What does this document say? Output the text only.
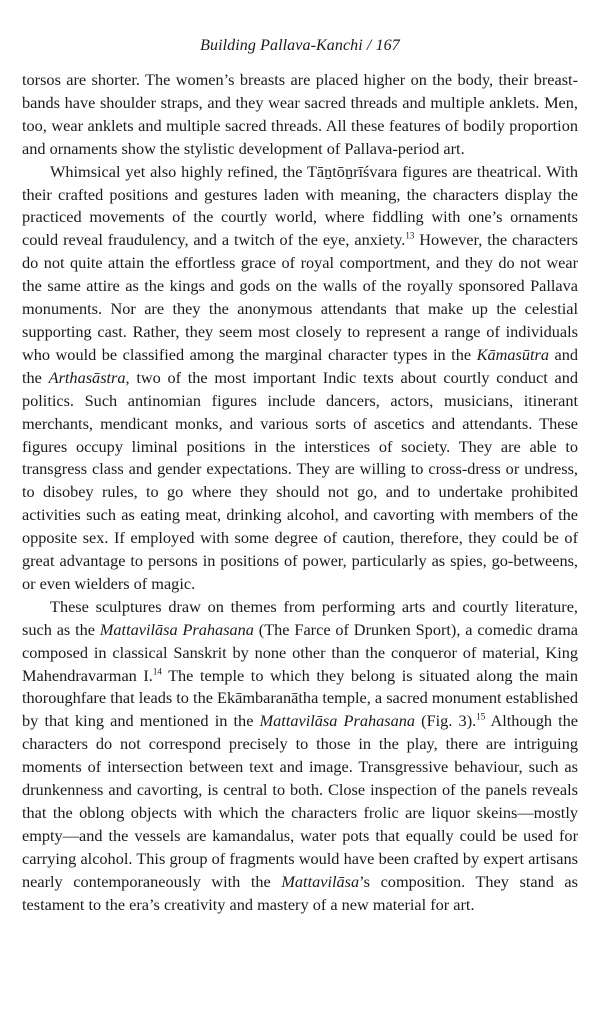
Building Pallava-Kanchi / 167

torsos are shorter. The women’s breasts are placed higher on the body, their breast-bands have shoulder straps, and they wear sacred threads and multiple anklets. Men, too, wear anklets and multiple sacred threads. All these features of bodily proportion and ornaments show the stylistic development of Pallava-period art.

Whimsical yet also highly refined, the Tāṉtōṉrīśvara figures are theatrical. With their crafted positions and gestures laden with meaning, the characters display the practiced movements of the courtly world, where fiddling with one’s ornaments could reveal fraudulency, and a twitch of the eye, anxiety.$^{13}$ However, the characters do not quite attain the effortless grace of royal comportment, and they do not wear the same attire as the kings and gods on the walls of the royally sponsored Pallava monuments. Nor are they the anonymous attendants that make up the celestial supporting cast. Rather, they seem most closely to represent a range of individuals who would be classified among the marginal character types in the Kāmasūtra and the Arthasāstra, two of the most important Indic texts about courtly conduct and politics. Such antinomian figures include dancers, actors, musicians, itinerant merchants, mendicant monks, and various sorts of ascetics and attendants. These figures occupy liminal positions in the interstices of society. They are able to transgress class and gender expectations. They are willing to cross-dress or undress, to disobey rules, to go where they should not go, and to undertake prohibited activities such as eating meat, drinking alcohol, and cavorting with members of the opposite sex. If employed with some degree of caution, therefore, they could be of great advantage to persons in positions of power, particularly as spies, go-betweens, or even wielders of magic.

These sculptures draw on themes from performing arts and courtly literature, such as the Mattavilāsa Prahasana (The Farce of Drunken Sport), a comedic drama composed in classical Sanskrit by none other than the conqueror of material, King Mahendravarman I.$^{14}$ The temple to which they belong is situated along the main thoroughfare that leads to the Ekāmbaranātha temple, a sacred monument established by that king and mentioned in the Mattavilāsa Prahasana (Fig. 3).$^{15}$ Although the characters do not correspond precisely to those in the play, there are intriguing moments of intersection between text and image. Transgressive behaviour, such as drunkenness and cavorting, is central to both. Close inspection of the panels reveals that the oblong objects with which the characters frolic are liquor skeins—mostly empty—and the vessels are kamandalus, water pots that equally could be used for carrying alcohol. This group of fragments would have been crafted by expert artisans nearly contemporaneously with the Mattavilāsa’s composition. They stand as testament to the era’s creativity and mastery of a new material for art.
